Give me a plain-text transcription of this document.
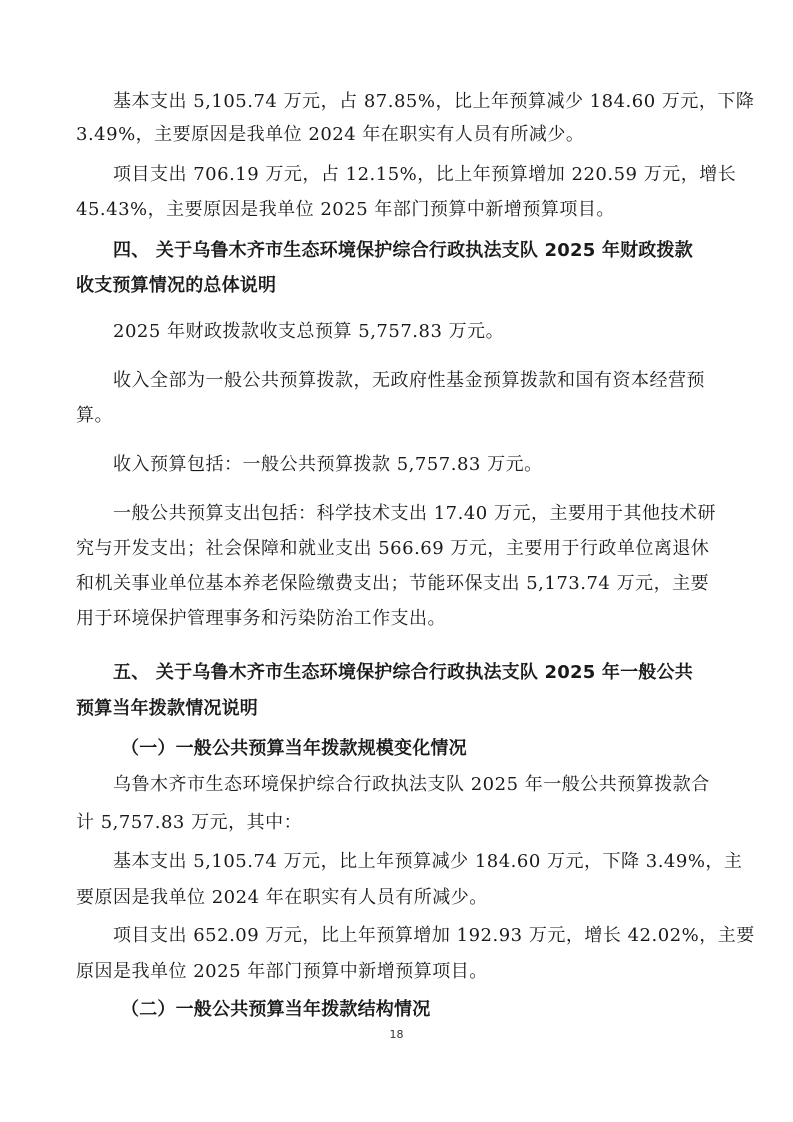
基本支出 5,105.74 万元，占 87.85%，比上年预算减少 184.60 万元，下降
3.49%，主要原因是我单位 2024 年在职实有人员有所减少。
项目支出 706.19 万元，占 12.15%，比上年预算增加 220.59 万元，增长
45.43%，主要原因是我单位 2025 年部门预算中新增预算项目。
四、 关于乌鲁木齐市生态环境保护综合行政执法支队 2025 年财政拨款
收支预算情况的总体说明
2025 年财政拨款收支总预算 5,757.83 万元。
收入全部为一般公共预算拨款，无政府性基金预算拨款和国有资本经营预
算。
收入预算包括：一般公共预算拨款 5,757.83 万元。
一般公共预算支出包括：科学技术支出 17.40 万元，主要用于其他技术研
究与开发支出；社会保障和就业支出 566.69 万元，主要用于行政单位离退休
和机关事业单位基本养老保险缴费支出；节能环保支出 5,173.74 万元，主要
用于环境保护管理事务和污染防治工作支出。
五、 关于乌鲁木齐市生态环境保护综合行政执法支队 2025 年一般公共
预算当年拨款情况说明
（一）一般公共预算当年拨款规模变化情况
乌鲁木齐市生态环境保护综合行政执法支队 2025 年一般公共预算拨款合
计 5,757.83 万元，其中：
基本支出 5,105.74 万元，比上年预算减少 184.60 万元，下降 3.49%，主
要原因是我单位 2024 年在职实有人员有所减少。
项目支出 652.09 万元，比上年预算增加 192.93 万元，增长 42.02%，主要
原因是我单位 2025 年部门预算中新增预算项目。
（二）一般公共预算当年拨款结构情况
18
